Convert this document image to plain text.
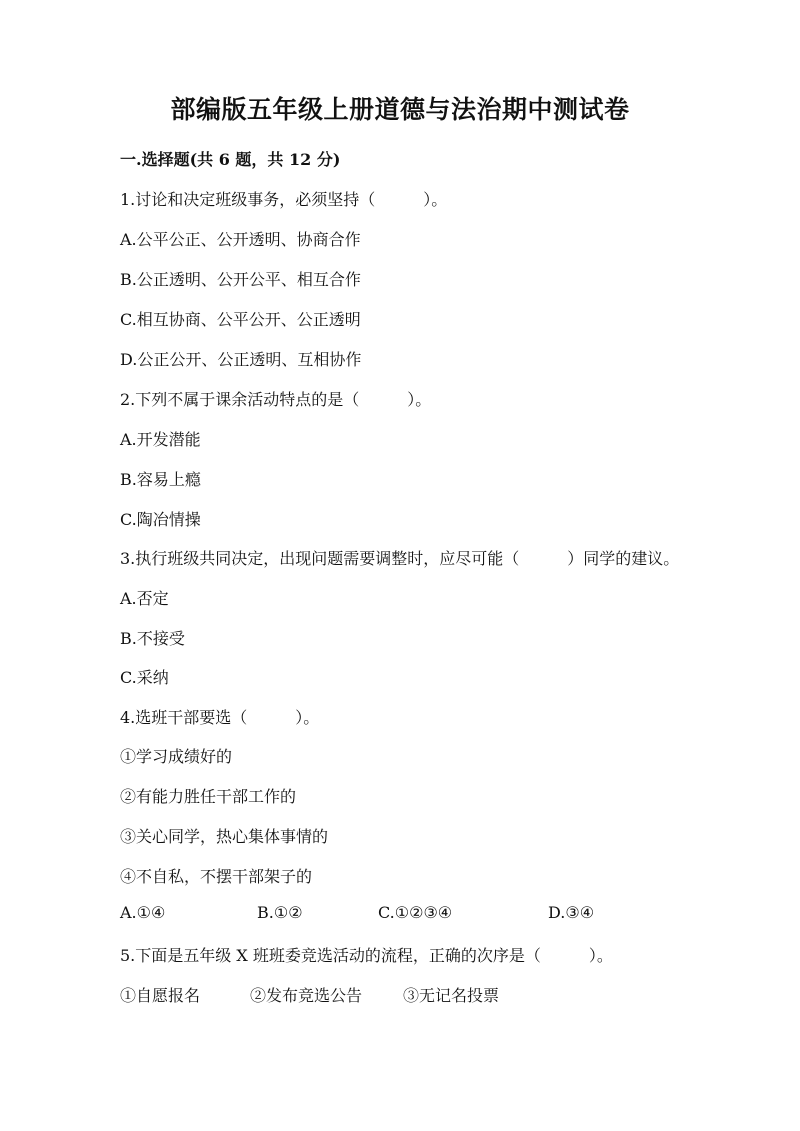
部编版五年级上册道德与法治期中测试卷
一.选择题(共 6 题，共 12 分)
1.讨论和决定班级事务，必须坚持（　　　）。
A.公平公正、公开透明、协商合作
B.公正透明、公开公平、相互合作
C.相互协商、公平公开、公正透明
D.公正公开、公正透明、互相协作
2.下列不属于课余活动特点的是（　　　）。
A.开发潜能
B.容易上瘾
C.陶冶情操
3.执行班级共同决定，出现问题需要调整时，应尽可能（　　　）同学的建议。
A.否定
B.不接受
C.采纳
4.选班干部要选（　　　）。
①学习成绩好的
②有能力胜任干部工作的
③关心同学，热心集体事情的
④不自私，不摆干部架子的
A.①④	B.①②	C.①②③④	D.③④
5.下面是五年级 X 班班委竞选活动的流程，正确的次序是（　　　）。
①自愿报名	②发布竞选公告	③无记名投票
